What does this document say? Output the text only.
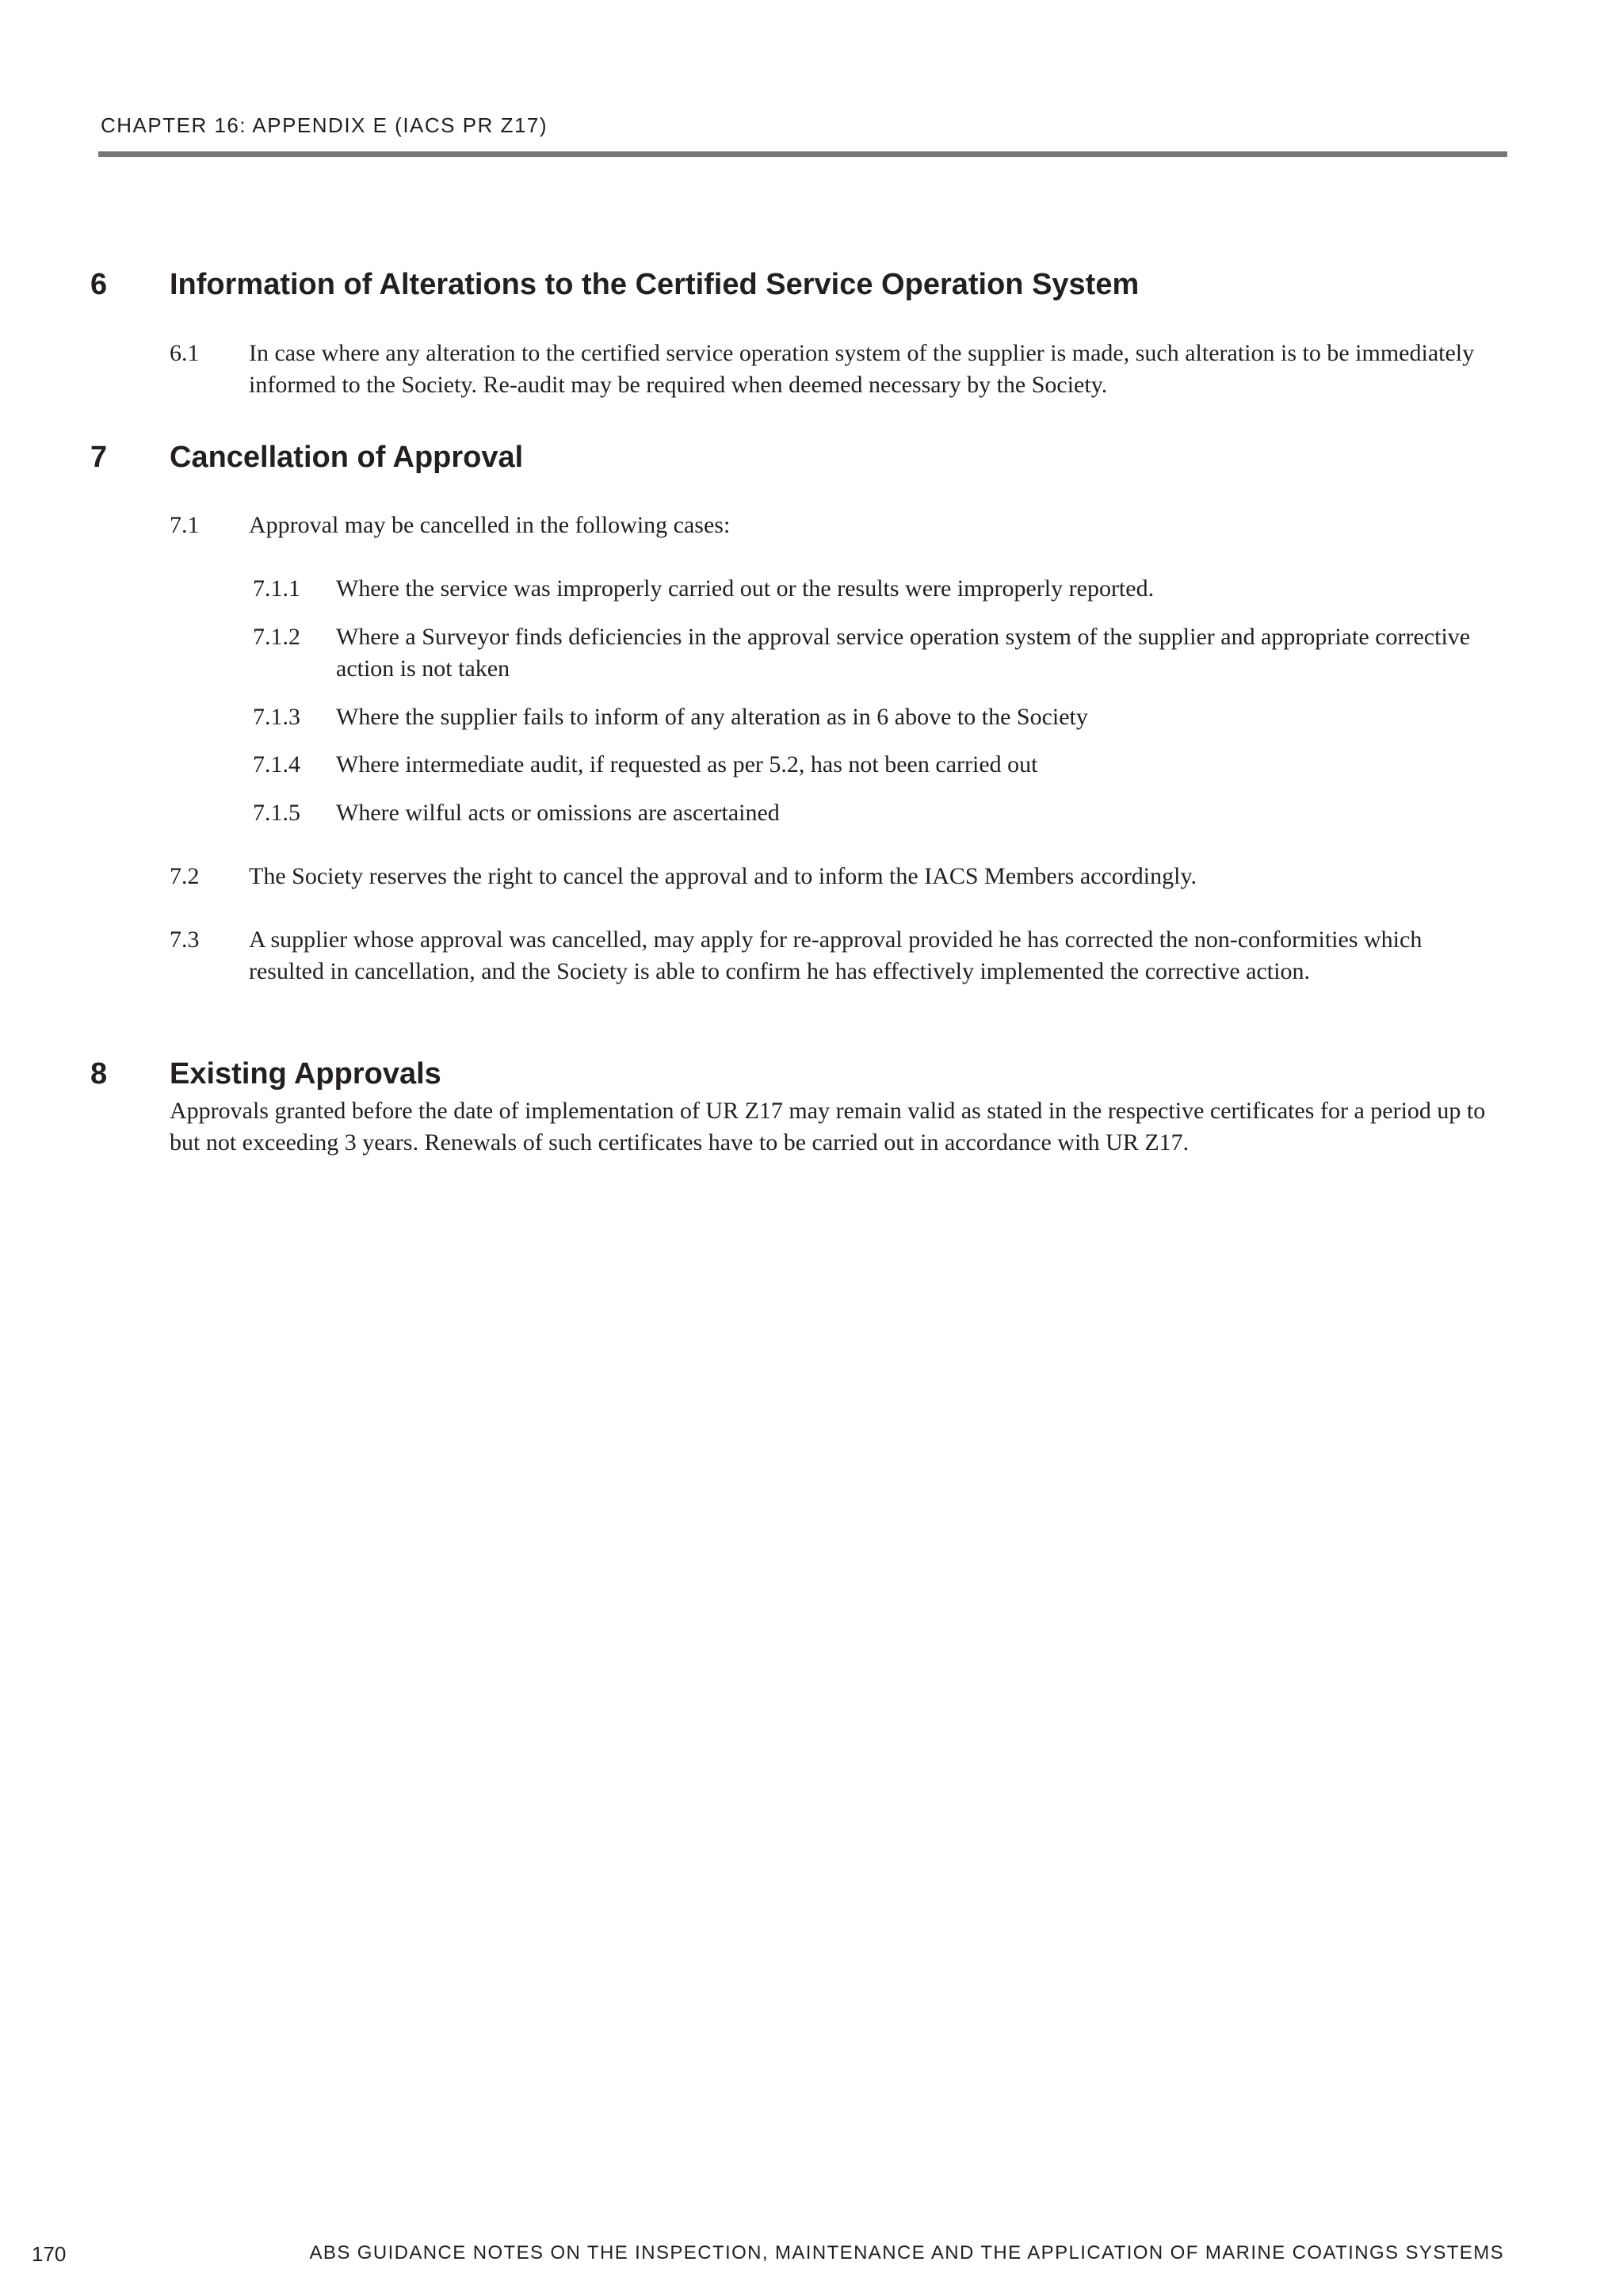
CHAPTER 16: APPENDIX E (IACS PR Z17)
6 Information of Alterations to the Certified Service Operation System
6.1 In case where any alteration to the certified service operation system of the supplier is made, such alteration is to be immediately informed to the Society. Re-audit may be required when deemed necessary by the Society.
7 Cancellation of Approval
7.1 Approval may be cancelled in the following cases:
7.1.1 Where the service was improperly carried out or the results were improperly reported.
7.1.2 Where a Surveyor finds deficiencies in the approval service operation system of the supplier and appropriate corrective action is not taken
7.1.3 Where the supplier fails to inform of any alteration as in 6 above to the Society
7.1.4 Where intermediate audit, if requested as per 5.2, has not been carried out
7.1.5 Where wilful acts or omissions are ascertained
7.2 The Society reserves the right to cancel the approval and to inform the IACS Members accordingly.
7.3 A supplier whose approval was cancelled, may apply for re-approval provided he has corrected the non-conformities which resulted in cancellation, and the Society is able to confirm he has effectively implemented the corrective action.
8 Existing Approvals
Approvals granted before the date of implementation of UR Z17 may remain valid as stated in the respective certificates for a period up to but not exceeding 3 years. Renewals of such certificates have to be carried out in accordance with UR Z17.
170	ABS GUIDANCE NOTES ON THE INSPECTION, MAINTENANCE AND THE APPLICATION OF MARINE COATINGS SYSTEMS
